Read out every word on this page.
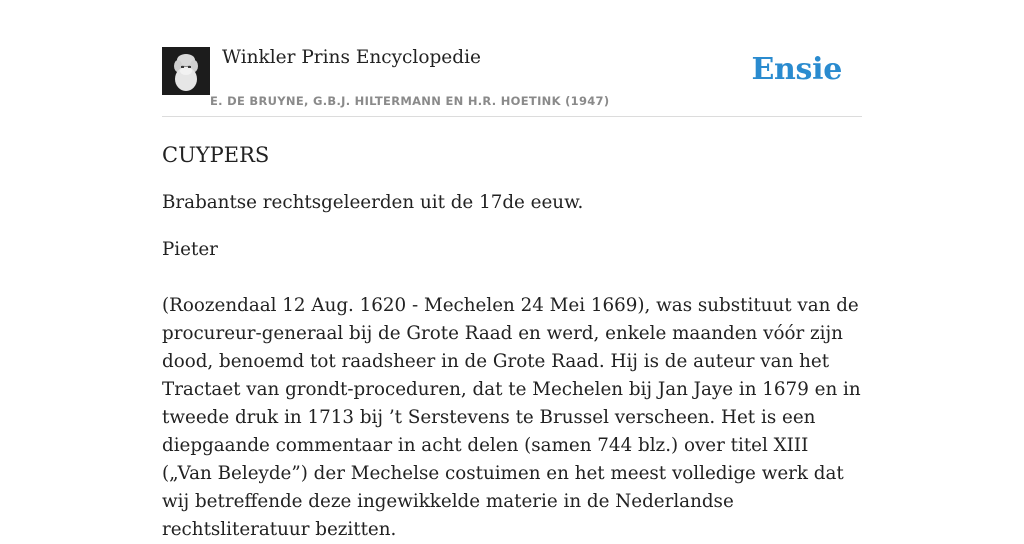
Winkler Prins Encyclopedie
E. DE BRUYNE, G.B.J. HILTERMANN EN H.R. HOETINK (1947)
Ensie
CUYPERS

Brabantse rechtsgeleerden uit de 17de eeuw.

Pieter

(Roozendaal 12 Aug. 1620 - Mechelen 24 Mei 1669), was substituut van de procureur-generaal bij de Grote Raad en werd, enkele maanden vóór zijn dood, benoemd tot raadsheer in de Grote Raad. Hij is de auteur van het Tractaet van grondt-proceduren, dat te Mechelen bij Jan Jaye in 1679 en in tweede druk in 1713 bij ’t Serstevens te Brussel verscheen. Het is een diepgaande commentaar in acht delen (samen 744 blz.) over titel XIII („Van Beleyde”) der Mechelse costuimen en het meest volledige werk dat wij betreffende deze ingewikkelde materie in de Nederlandse rechtsliteratuur bezitten.
